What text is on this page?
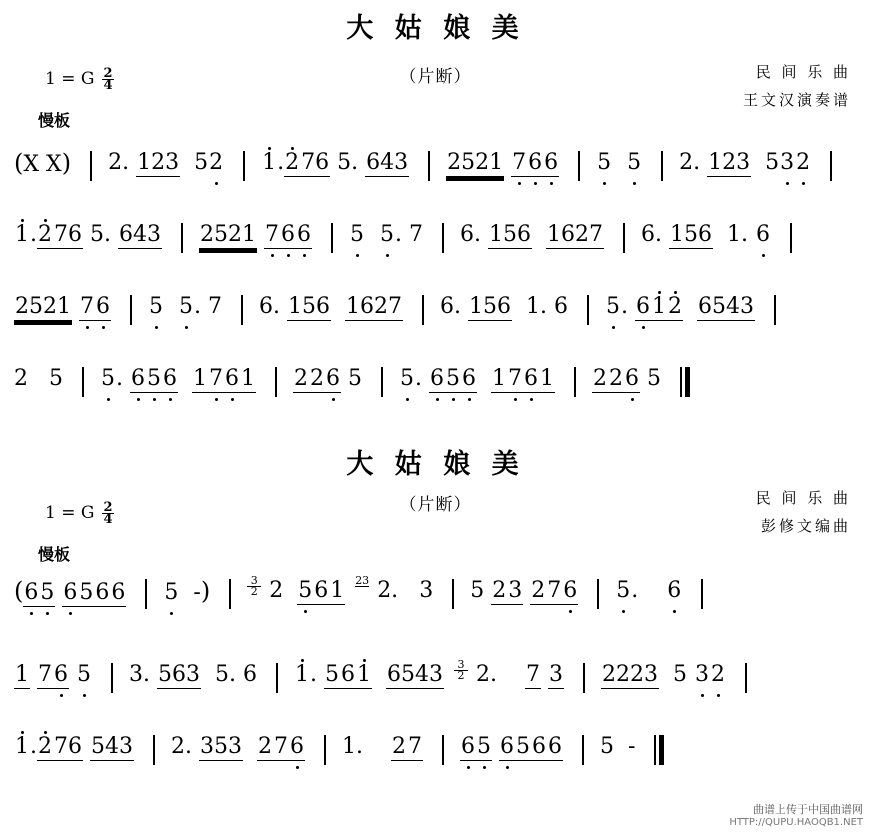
大 姑 娘 美
（片断）	民 间 乐 曲
王文汉演奏谱
1 = G $\frac{2}{4}$
慢板
(X X) 2. 123 52 1.276 5. 643 2521 766 5 5 2. 123 532
1.276 5. 643 2521 766 5 5. 7 6. 156 1627 6. 156 1. 6
2521 76 5 5. 7 6. 156 1627 6. 156 1. 6 5. 612 6543
2 5 5. 656 1761 226 5 5. 656 1761 226 5
大 姑 娘 美
（片断）	民 间 乐 曲
彭修文编曲
1 = G $\frac{2}{4}$
慢板
(65 6566 5 -)	$\frac{3}{2} 2$ 561 23
2. 3 5 23 276 5. 6
1 76 5 3. 563 5. 6 1. 561 $6543 \frac{3}{2} 2$. 7 3 2223 5 32
1.276 543 2. 353 276 1. 27 65 6566 5 -
曲谱上传于中国曲谱网
HTTP://QUPU.HAOQB1.NET
